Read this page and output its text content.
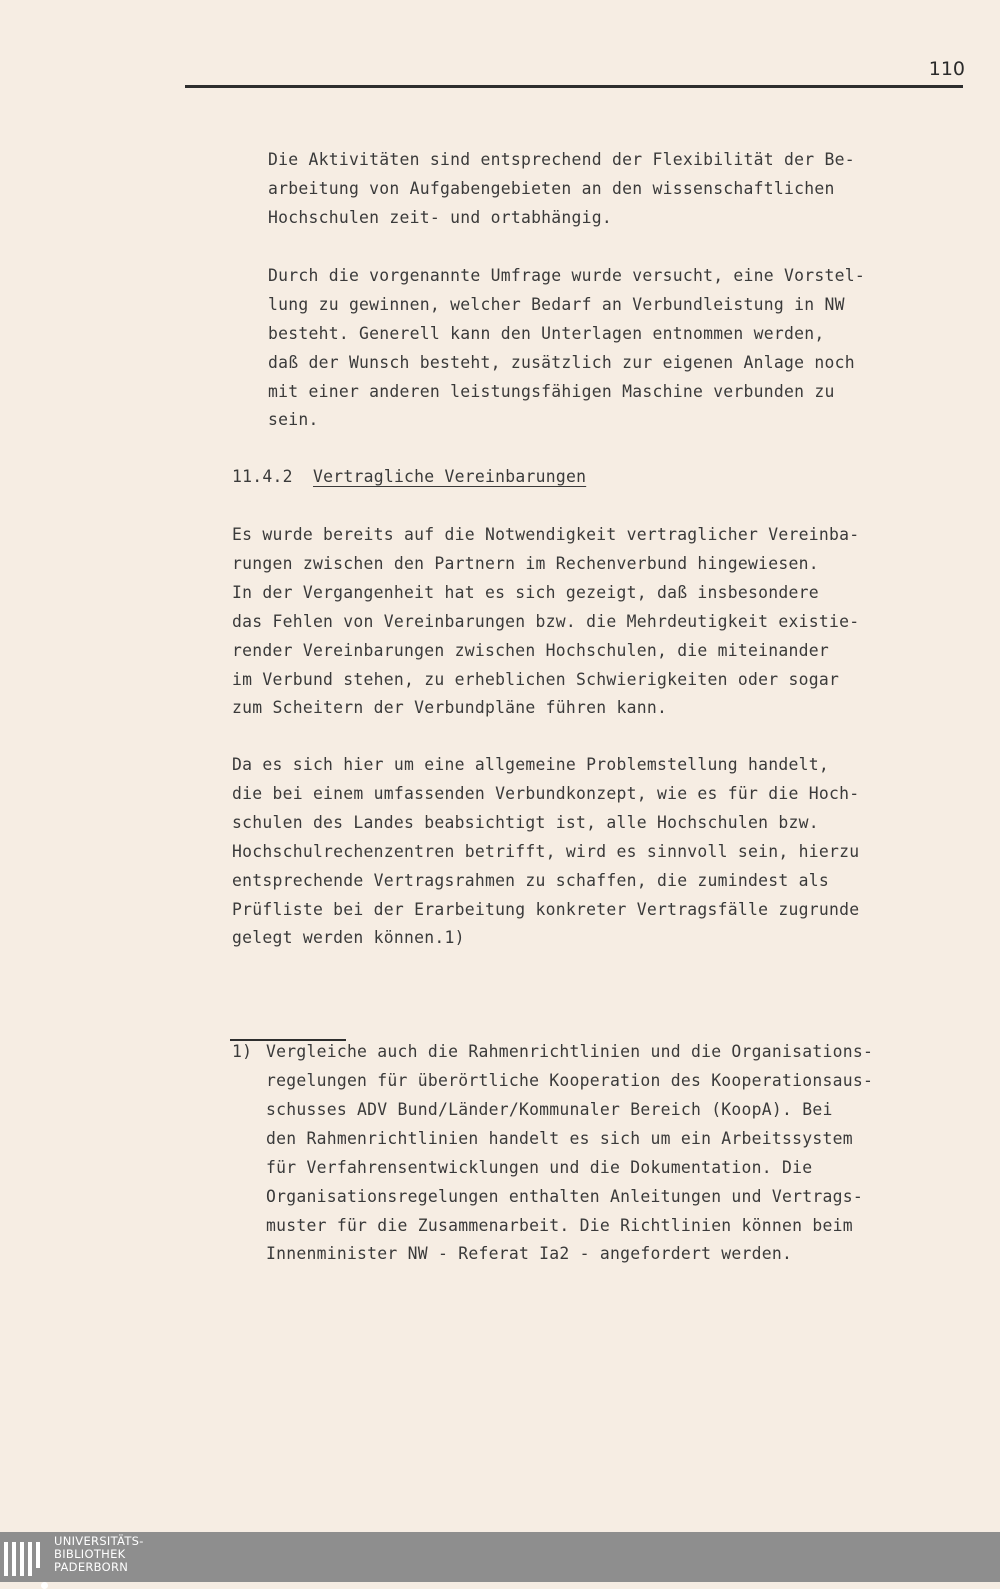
110
Die Aktivitäten sind entsprechend der Flexibilität der Be-
arbeitung von Aufgabengebieten an den wissenschaftlichen
Hochschulen zeit- und ortabhängig.
Durch die vorgenannte Umfrage wurde versucht, eine Vorstel-
lung zu gewinnen, welcher Bedarf an Verbundleistung in NW
besteht. Generell kann den Unterlagen entnommen werden,
daß der Wunsch besteht, zusätzlich zur eigenen Anlage noch
mit einer anderen leistungsfähigen Maschine verbunden zu
sein.
11.4.2 Vertragliche Vereinbarungen
Es wurde bereits auf die Notwendigkeit vertraglicher Vereinba-
rungen zwischen den Partnern im Rechenverbund hingewiesen.
In der Vergangenheit hat es sich gezeigt, daß insbesondere
das Fehlen von Vereinbarungen bzw. die Mehrdeutigkeit existie-
render Vereinbarungen zwischen Hochschulen, die miteinander
im Verbund stehen, zu erheblichen Schwierigkeiten oder sogar
zum Scheitern der Verbundpläne führen kann.
Da es sich hier um eine allgemeine Problemstellung handelt,
die bei einem umfassenden Verbundkonzept, wie es für die Hoch-
schulen des Landes beabsichtigt ist, alle Hochschulen bzw.
Hochschulrechenzentren betrifft, wird es sinnvoll sein, hierzu
entsprechende Vertragsrahmen zu schaffen, die zumindest als
Prüfliste bei der Erarbeitung konkreter Vertragsfälle zugrunde
gelegt werden können.1)
1) Vergleiche auch die Rahmenrichtlinien und die Organisations-
regelungen für überörtliche Kooperation des Kooperationsaus-
schusses ADV Bund/Länder/Kommunaler Bereich (KoopA). Bei
den Rahmenrichtlinien handelt es sich um ein Arbeitssystem
für Verfahrensentwicklungen und die Dokumentation. Die
Organisationsregelungen enthalten Anleitungen und Vertrags-
muster für die Zusammenarbeit. Die Richtlinien können beim
Innenminister NW - Referat Ia2 - angefordert werden.
UNIVERSITÄTS-
BIBLIOTHEK
PADERBORN
